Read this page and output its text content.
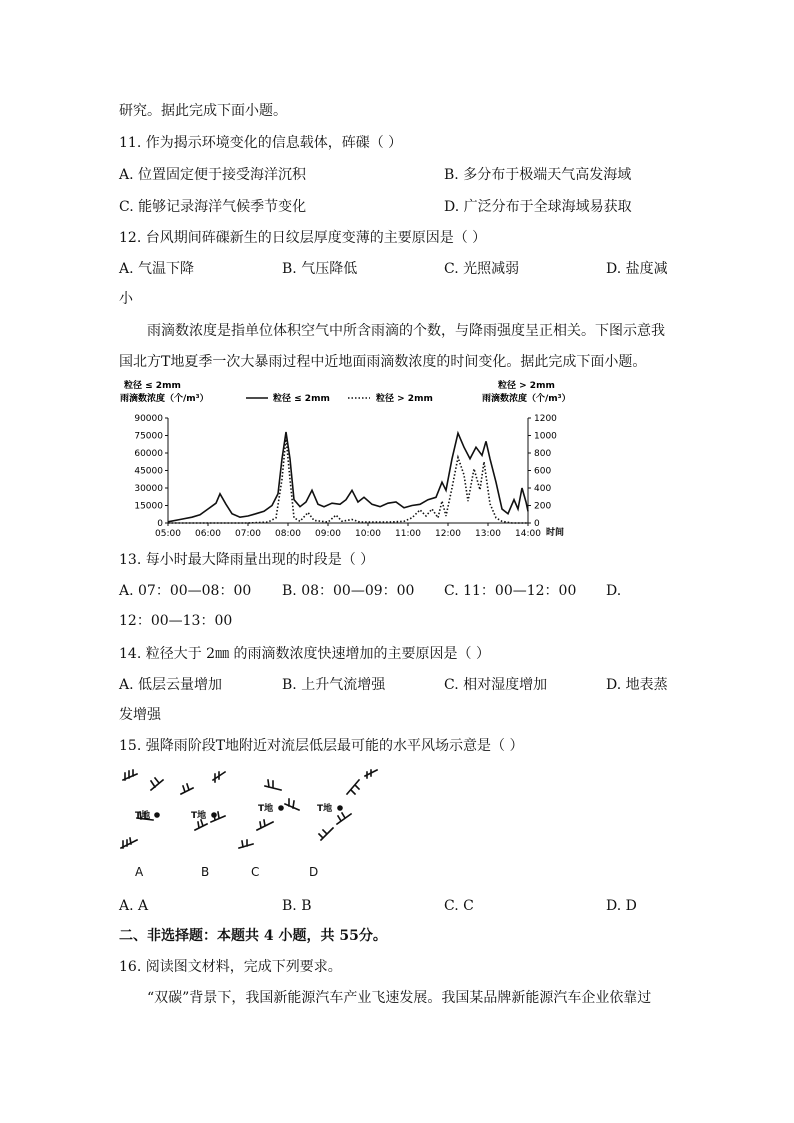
研究。据此完成下面小题。
11. 作为揭示环境变化的信息载体，砗磲（ ）
A. 位置固定便于接受海洋沉积	B. 多分布于极端天气高发海域
C. 能够记录海洋气候季节变化	D. 广泛分布于全球海域易获取
12. 台风期间砗磲新生的日纹层厚度变薄的主要原因是（ ）
A. 气温下降	B. 气压降低	C. 光照减弱	D. 盐度减
小
雨滴数浓度是指单位体积空气中所含雨滴的个数，与降雨强度呈正相关。下图示意我
国北方T地夏季一次大暴雨过程中近地面雨滴数浓度的时间变化。据此完成下面小题。
粒径 ≤ 2mm
雨滴数浓度（个/m³）
粒径 > 2mm
雨滴数浓度（个/m³）
粒径 ≤ 2mm	粒径 > 2mm
90000
75000
60000
45000
30000
15000
0
1200
1000
800
600
400
200
0
05:00 06:00 07:00 08:00 09:00 10:00 11:00 12:00 13:00 14:00 时间
13. 每小时最大降雨量出现的时段是（ ）
A. 07：00—08：00 B. 08：00—09：00 C. 11：00—12：00 D.
12：00—13：00
14. 粒径大于 2㎜ 的雨滴数浓度快速增加的主要原因是（ ）
A. 低层云量增加	B. 上升气流增强	C. 相对湿度增加	D. 地表蒸
发增强
15. 强降雨阶段T地附近对流层低层最可能的水平风场示意是（ ）
T地	T地
T地	T地
A	B	C	D
A. A	B. B	C. C	D. D
二、非选择题：本题共 4 小题，共 55分。
16. 阅读图文材料，完成下列要求。
“双碳”背景下，我国新能源汽车产业飞速发展。我国某品牌新能源汽车企业依靠过
